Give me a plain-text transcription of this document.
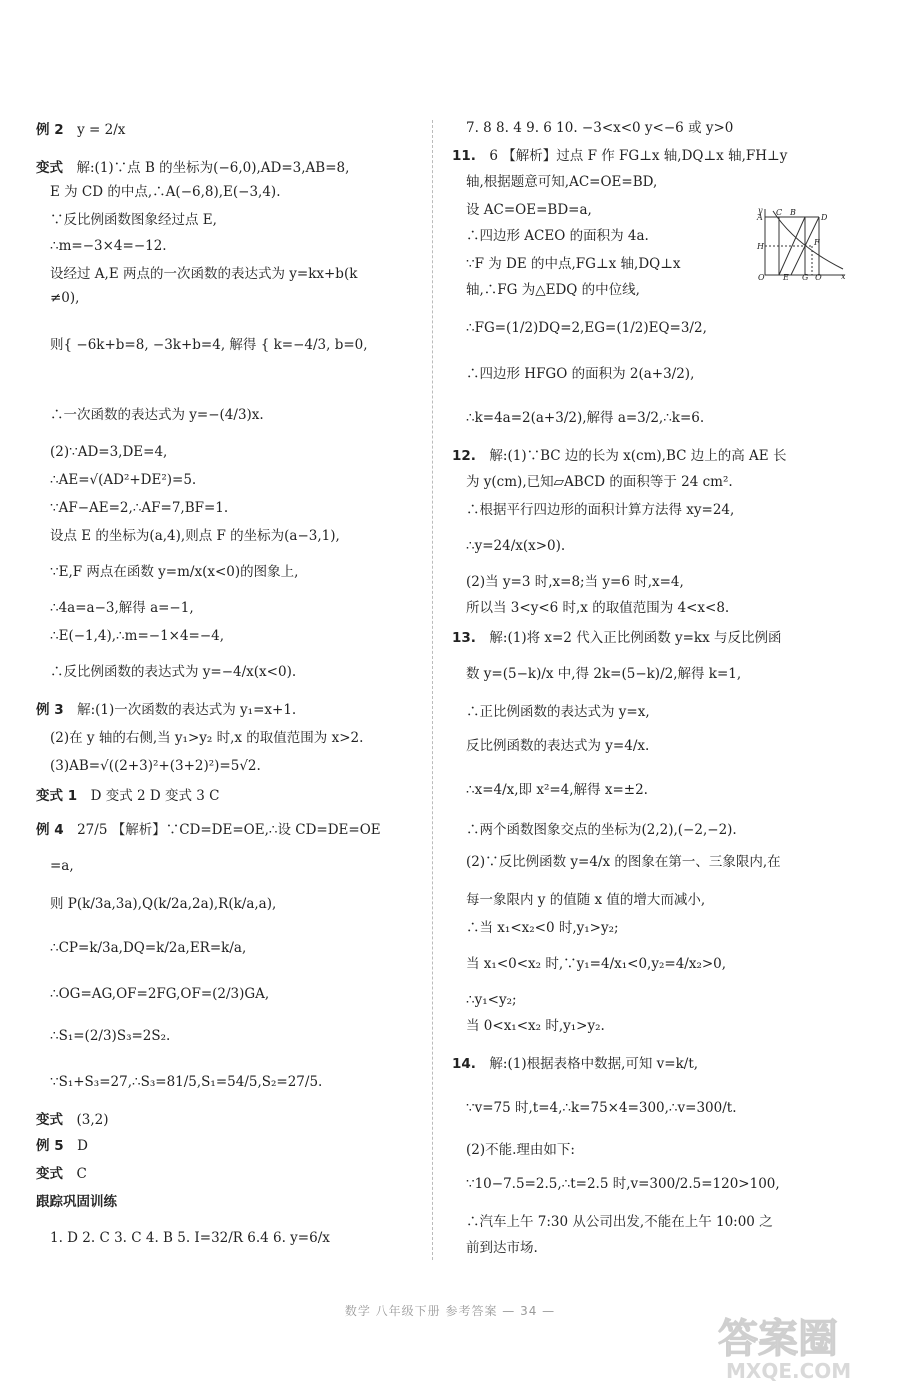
例 2  y = 2/x
变式  解:(1)∵点 B 的坐标为(−6,0),AD=3,AB=8,
E 为 CD 的中点,∴A(−6,8),E(−3,4).
∵反比例函数图象经过点 E,
∴m=−3×4=−12.
设经过 A,E 两点的一次函数的表达式为 y=kx+b(k
≠0),
则{ −6k+b=8, −3k+b=4, 解得 { k=−4/3, b=0,
∴一次函数的表达式为 y=−(4/3)x.
(2)∵AD=3,DE=4,
∴AE=√(AD²+DE²)=5.
∵AF−AE=2,∴AF=7,BF=1.
设点 E 的坐标为(a,4),则点 F 的坐标为(a−3,1),
∵E,F 两点在函数 y=m/x(x<0)的图象上,
∴4a=a−3,解得 a=−1,
∴E(−1,4),∴m=−1×4=−4,
∴反比例函数的表达式为 y=−4/x(x<0).
例 3  解:(1)一次函数的表达式为 y₁=x+1.
(2)在 y 轴的右侧,当 y₁>y₂ 时,x 的取值范围为 x>2.
(3)AB=√((2+3)²+(3+2)²)=5√2.
变式 1  D 变式 2 D 变式 3 C
例 4  27/5 【解析】∵CD=DE=OE,∴设 CD=DE=OE
=a,
则 P(k/3a,3a),Q(k/2a,2a),R(k/a,a),
∴CP=k/3a,DQ=k/2a,ER=k/a,
∴OG=AG,OF=2FG,OF=(2/3)GA,
∴S₁=(2/3)S₃=2S₂.
∵S₁+S₃=27,∴S₃=81/5,S₁=54/5,S₂=27/5.
变式  (3,2)
例 5  D
变式  C
跟踪巩固训练 
1. D 2. C 3. C 4. B 5. I=32/R 6.4 6. y=6/x
7. 8 8. 4 9. 6 10. −3<x<0 y<−6 或 y>0
11.  6 【解析】过点 F 作 FG⊥x 轴,DQ⊥x 轴,FH⊥y
轴,根据题意可知,AC=OE=BD,
设 AC=OE=BD=a,
∴四边形 ACEO 的面积为 4a.
∵F 为 DE 的中点,FG⊥x 轴,DQ⊥x
轴,∴FG 为△EDQ 的中位线,
∴FG=(1/2)DQ=2,EG=(1/2)EQ=3/2,
∴四边形 HFGO 的面积为 2(a+3/2),
∴k=4a=2(a+3/2),解得 a=3/2,∴k=6.
12.  解:(1)∵BC 边的长为 x(cm),BC 边上的高 AE 长
为 y(cm),已知▱ABCD 的面积等于 24 cm².
∴根据平行四边形的面积计算方法得 xy=24,
∴y=24/x(x>0).
(2)当 y=3 时,x=8;当 y=6 时,x=4,
所以当 3<y<6 时,x 的取值范围为 4<x<8.
13.  解:(1)将 x=2 代入正比例函数 y=kx 与反比例函
数 y=(5−k)/x 中,得 2k=(5−k)/2,解得 k=1,
∴正比例函数的表达式为 y=x,
反比例函数的表达式为 y=4/x.
∴x=4/x,即 x²=4,解得 x=±2.
∴两个函数图象交点的坐标为(2,2),(−2,−2).
(2)∵反比例函数 y=4/x 的图象在第一、三象限内,在
每一象限内 y 的值随 x 值的增大而减小,
∴当 x₁<x₂<0 时,y₁>y₂;
当 x₁<0<x₂ 时,∵y₁=4/x₁<0,y₂=4/x₂>0,
∴y₁<y₂;
当 0<x₁<x₂ 时,y₁>y₂.
14.  解:(1)根据表格中数据,可知 v=k/t,
∵v=75 时,t=4,∴k=75×4=300,∴v=300/t.
(2)不能.理由如下:
∵10−7.5=2.5,∴t=2.5 时,v=300/2.5=120>100,
∴汽车上午 7:30 从公司出发,不能在上午 10:00 之
前到达市场.
y
A
C B
D
H	F
O E G Q x
数学 八年级下册 参考答案 — 34 —
答案圈
MXQE.COM
